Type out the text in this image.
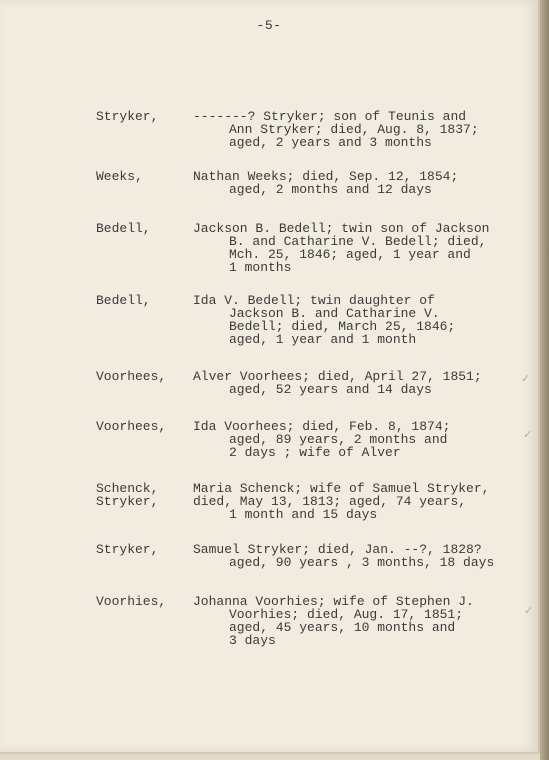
-5-
Stryker,	-------? Stryker; son of Teunis and
Ann Stryker; died, Aug. 8, 1837;
aged, 2 years and 3 months
Weeks,	Nathan Weeks; died, Sep. 12, 1854;
aged, 2 months and 12 days
Bedell,	Jackson B. Bedell; twin son of Jackson
B. and Catharine V. Bedell; died,
Mch. 25, 1846; aged, 1 year and
1 months
Bedell,	Ida V. Bedell; twin daughter of
Jackson B. and Catharine V.
Bedell; died, March 25, 1846;
aged, 1 year and 1 month
Voorhees, Alver Voorhees; died, April 27, 1851;
aged, 52 years and 14 days
Voorhees, Ida Voorhees; died, Feb. 8, 1874;
aged, 89 years, 2 months and
2 days ; wife of Alver
Schenck,
Stryker,
Maria Schenck; wife of Samuel Stryker,
died, May 13, 1813; aged, 74 years,
1 month and 15 days
Stryker,	Samuel Stryker; died, Jan. --?, 1828?
aged, 90 years , 3 months, 18 days
Voorhies, Johanna Voorhies; wife of Stephen J.
Voorhies; died, Aug. 17, 1851;
aged, 45 years, 10 months and
3 days
✓
✓
✓
